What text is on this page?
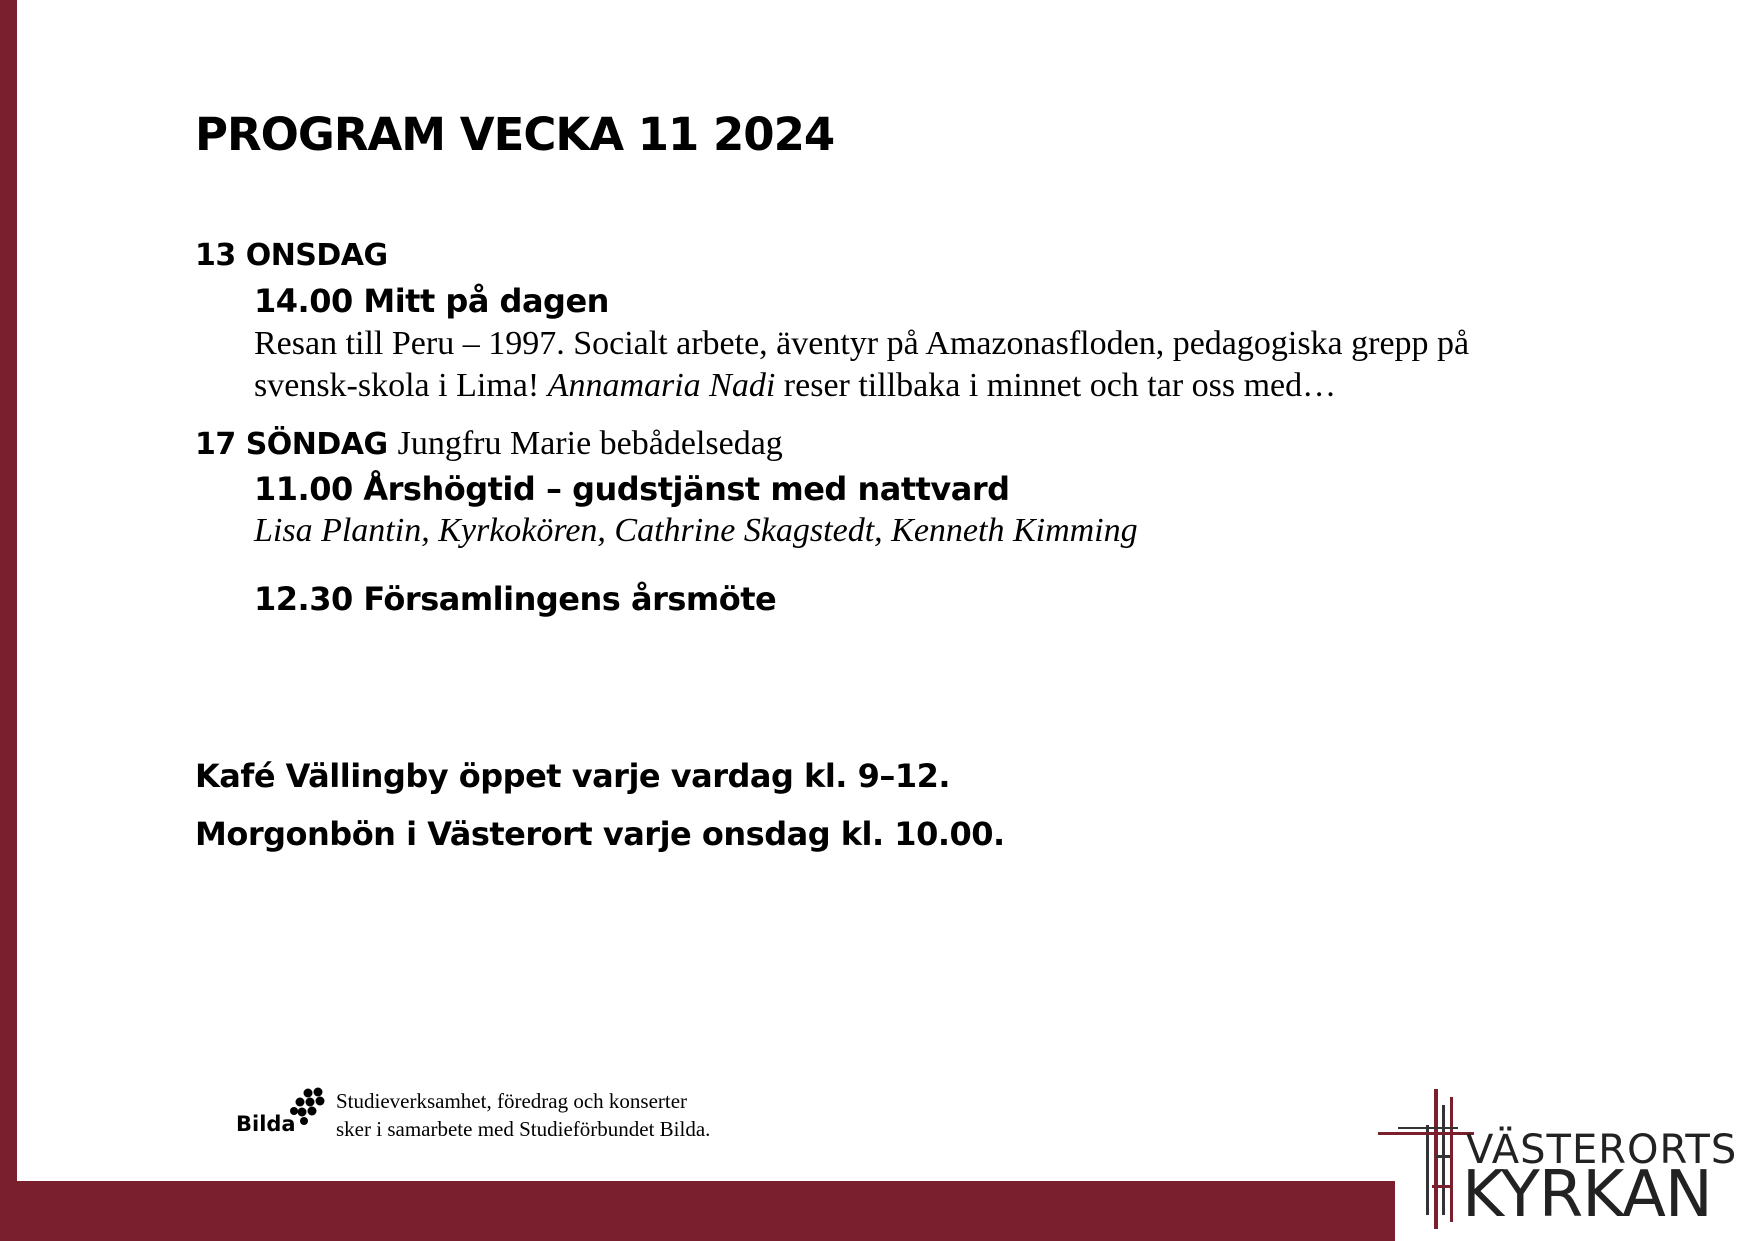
PROGRAM VECKA 11 2024
13 ONSDAG
14.00 Mitt på dagen
Resan till Peru – 1997. Socialt arbete, äventyr på Amazonasfloden, pedagogiska grepp på svensk-skola i Lima! Annamaria Nadi reser tillbaka i minnet och tar oss med…
17 SÖNDAG Jungfru Marie bebådelsedag
11.00 Årshögtid – gudstjänst med nattvard
Lisa Plantin, Kyrkokören, Cathrine Skagstedt, Kenneth Kimming
12.30 Församlingens årsmöte
Kafé Vällingby öppet varje vardag kl. 9–12.
Morgonbön i Västerort varje onsdag kl. 10.00.
Bilda
Studieverksamhet, föredrag och konserter
sker i samarbete med Studieförbundet Bilda.	VÄSTERORTS
KYRKAN
